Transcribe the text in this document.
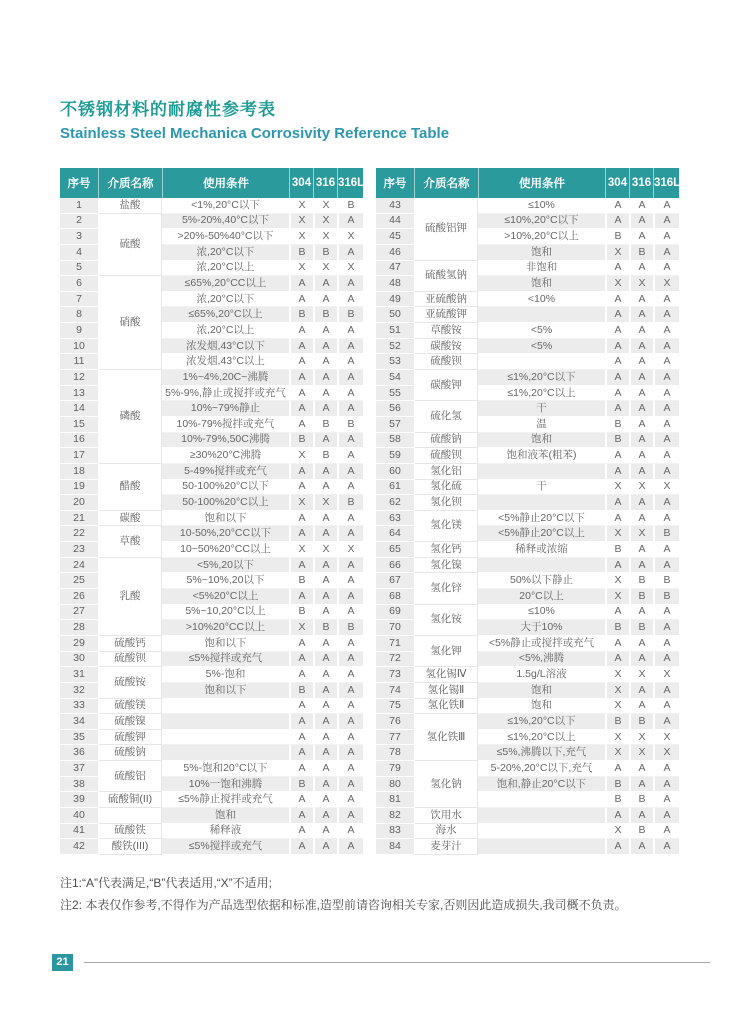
不锈钢材料的耐腐性参考表
Stainless Steel Mechanica Corrosivity Reference Table
序号	介质名称	使用条件	304	316	316L
1	盐酸	<1%,20°C以下	X	X	B
2	硫酸	5%-20%,40°C以下	X	X	A
3		>20%-50%40°C以下	X	X	X
4		浓,20°C以下	B	B	A
5		浓,20°C以上	X	X	X
6	硝酸	≤65%,20°CC以上	A	A	A
7		浓,20°C以下	A	A	A
8		≤65%,20°C以上	B	B	B
9		浓,20°C以上	A	A	A
10		浓发烟,43°C以下	A	A	A
11		浓发烟,43°C以上	A	A	A
12	磷酸	1%~4%,20C~沸腾	A	A	A
13		5%-9%,静止或搅拌或充气	A	A	A
14		10%~79%静止	A	A	A
15		10%-79%搅拌或充气	A	B	B
16		10%-79%,50C沸腾	B	A	A
17		≥30%20°C沸腾	X	B	A
18	醋酸	5-49%搅拌或充气	A	A	A
19		50-100%20°C以下	A	A	A
20		50-100%20°C以上	X	X	B
21	碳酸	饱和以下	A	A	A
22	草酸	10-50%,20°CC以下	A	A	A
23		10~50%20°CC以上	X	X	X
24	乳酸	<5%,20以下	A	A	A
25		5%~10%,20以下	B	A	A
26		<5%20°C以上	A	A	A
27		5%~10,20°C以上	B	A	A
28		>10%20°CC以上	X	B	B
29	硫酸钙	饱和以下	A	A	A
30	硫酸钡	≤5%搅拌或充气	A	A	A
31	硫酸铵	5%-饱和	A	A	A
32		饱和以下	B	A	A
33	硫酸镁		A	A	A
34	硫酸镍		A	A	A
35	硫酸钾		A	A	A
36	硫酸钠		A	A	A
37	硫酸铝	5%-饱和20°C以下	A	A	A
38		10%一饱和沸腾	B	A	A
39	硫酸铜(II)	≤5%静止搅拌或充气	A	A	A
40		饱和	A	A	A
41	硫酸铁	稀释液	A	A	A
42	酸铁(III)	≤5%搅拌或充气	A	A	A
序号	介质名称	使用条件	304	316	316L
43	硫酸铝钾	≤10%	A	A	A
44		≤10%,20°C以下	A	A	A
45		>10%,20°C以上	B	A	A
46		饱和	X	B	A
47	硫酸氢钠	非饱和	A	A	A
48		饱和	X	X	X
49	亚硫酸钠	<10%	A	A	A
50	亚硫酸钾		A	A	A
51	草酸铵	<5%	A	A	A
52	碳酸铵	<5%	A	A	A
53	硫酸钡		A	A	A
54	碳酸钾	≤1%,20°C以下	A	A	A
55		≤1%,20°C以上	A	A	A
56	硫化氢	干	A	A	A
57		温	B	A	A
58	硫酸钠	饱和	B	A	A
59	硫酸钡	饱和液苯(粗苯)	A	A	A
60	氢化铝		A	A	A
61	氢化硫	干	X	X	X
62	氢化钡		A	A	A
63	氢化镁	<5%静止20°C以下	A	A	A
64		<5%静止20°C以上	X	X	B
65	氢化钙	稀释或浓缩	B	A	A
66	氢化镍		A	A	A
67	氢化锌	50%以下静止	X	B	B
68		20°C以上	X	B	B
69	氢化铵	≤10%	A	A	A
70		大于10%	B	B	A
71	氢化钾	<5%静止或搅拌或充气	A	A	A
72		<5%,沸腾	A	A	A
73	氢化锡Ⅳ	1.5g/L溶液	X	X	X
74	氢化锡Ⅱ	饱和	X	A	A
75	氢化铁Ⅱ	饱和	X	A	A
76	氢化铁Ⅲ	≤1%,20°C以下	B	B	A
77		≤1%,20°C以上	X	X	X
78		≤5%,沸腾以下,充气	X	X	X
79	氢化钠	5-20%,20°C以下,充气	A	A	A
80		饱和,静止20°C以下	B	A	A
81			B	B	A
82	饮用水		A	A	A
83	海水		X	B	A
84	麦芽汁		A	A	A
注1:“A”代表满足,“B”代表适用,“X”不适用;
注2: 本表仅作参考,不得作为产品选型依据和标准,造型前请咨询相关专家,否则因此造成损失,我司概不负责。
21
